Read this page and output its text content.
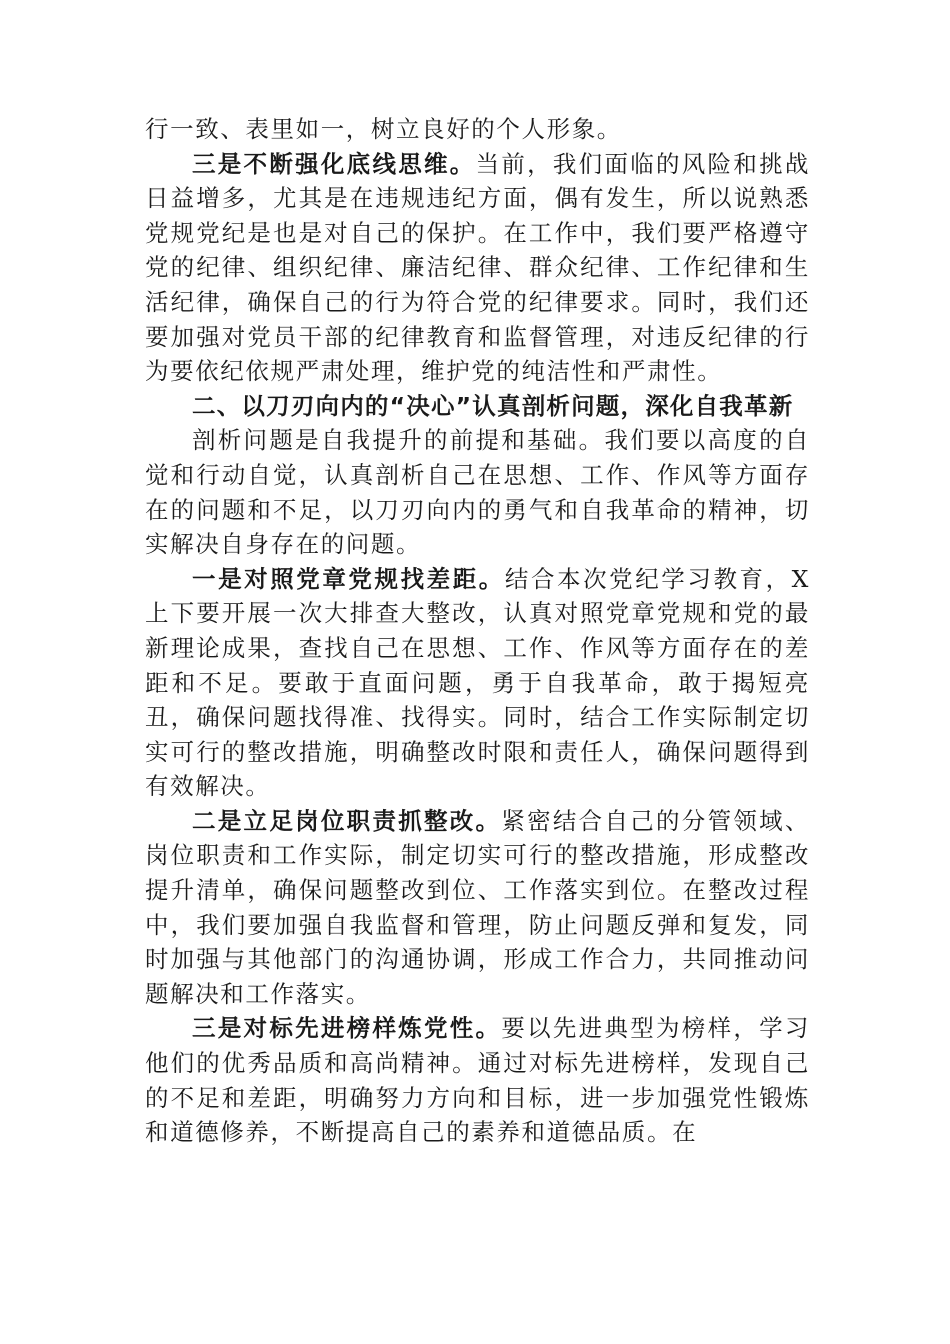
行一致、表里如一，树立良好的个人形象。

三是不断强化底线思维。当前，我们面临的风险和挑战日益增多，尤其是在违规违纪方面，偶有发生，所以说熟悉党规党纪是也是对自己的保护。在工作中，我们要严格遵守党的纪律、组织纪律、廉洁纪律、群众纪律、工作纪律和生活纪律，确保自己的行为符合党的纪律要求。同时，我们还要加强对党员干部的纪律教育和监督管理，对违反纪律的行为要依纪依规严肃处理，维护党的纯洁性和严肃性。

二、以刀刃向内的“决心”认真剖析问题，深化自我革新

剖析问题是自我提升的前提和基础。我们要以高度的自觉和行动自觉，认真剖析自己在思想、工作、作风等方面存在的问题和不足，以刀刃向内的勇气和自我革命的精神，切实解决自身存在的问题。

一是对照党章党规找差距。结合本次党纪学习教育，X上下要开展一次大排查大整改，认真对照党章党规和党的最新理论成果，查找自己在思想、工作、作风等方面存在的差距和不足。要敢于直面问题，勇于自我革命，敢于揭短亮丑，确保问题找得准、找得实。同时，结合工作实际制定切实可行的整改措施，明确整改时限和责任人，确保问题得到有效解决。

二是立足岗位职责抓整改。紧密结合自己的分管领域、岗位职责和工作实际，制定切实可行的整改措施，形成整改提升清单，确保问题整改到位、工作落实到位。在整改过程中，我们要加强自我监督和管理，防止问题反弹和复发，同时加强与其他部门的沟通协调，形成工作合力，共同推动问题解决和工作落实。

三是对标先进榜样炼党性。要以先进典型为榜样，学习他们的优秀品质和高尚精神。通过对标先进榜样，发现自己的不足和差距，明确努力方向和目标，进一步加强党性锻炼和道德修养，不断提高自己的素养和道德品质。在
